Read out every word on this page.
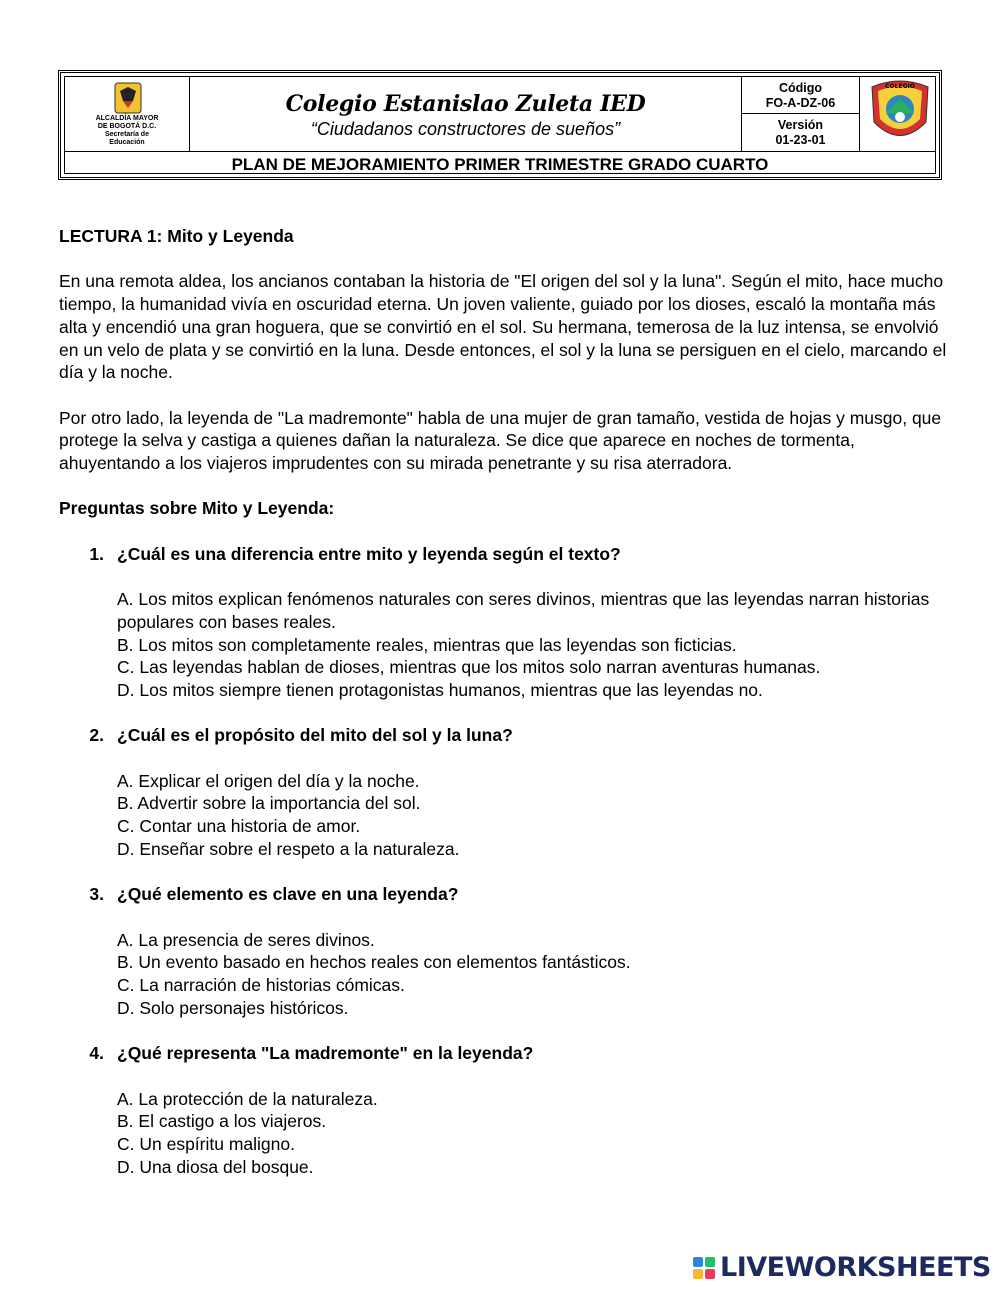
ALCALDÍA MAYOR
DE BOGOTÁ D.C.
Secretaría de
Educación
Colegio Estanislao Zuleta IED
“Ciudadanos constructores de sueños”
Código
FO-A-DZ-06
Versión
01-23-01
COLEGIO
PLAN DE MEJORAMIENTO PRIMER TRIMESTRE GRADO CUARTO

LECTURA 1: Mito y Leyenda

En una remota aldea, los ancianos contaban la historia de "El origen del sol y la luna". Según el mito, hace mucho tiempo, la humanidad vivía en oscuridad eterna. Un joven valiente, guiado por los dioses, escaló la montaña más alta y encendió una gran hoguera, que se convirtió en el sol. Su hermana, temerosa de la luz intensa, se envolvió en un velo de plata y se convirtió en la luna. Desde entonces, el sol y la luna se persiguen en el cielo, marcando el día y la noche.

Por otro lado, la leyenda de "La madremonte" habla de una mujer de gran tamaño, vestida de hojas y musgo, que protege la selva y castiga a quienes dañan la naturaleza. Se dice que aparece en noches de tormenta, ahuyentando a los viajeros imprudentes con su mirada penetrante y su risa aterradora.

Preguntas sobre Mito y Leyenda:

1. ¿Cuál es una diferencia entre mito y leyenda según el texto?

A. Los mitos explican fenómenos naturales con seres divinos, mientras que las leyendas narran historias populares con bases reales.

B. Los mitos son completamente reales, mientras que las leyendas son ficticias.

C. Las leyendas hablan de dioses, mientras que los mitos solo narran aventuras humanas.

D. Los mitos siempre tienen protagonistas humanos, mientras que las leyendas no.

2. ¿Cuál es el propósito del mito del sol y la luna?

A. Explicar el origen del día y la noche.

B. Advertir sobre la importancia del sol.

C. Contar una historia de amor.

D. Enseñar sobre el respeto a la naturaleza.

3. ¿Qué elemento es clave en una leyenda?

A. La presencia de seres divinos.

B. Un evento basado en hechos reales con elementos fantásticos.

C. La narración de historias cómicas.

D. Solo personajes históricos.

4. ¿Qué representa "La madremonte" en la leyenda?

A. La protección de la naturaleza.

B. El castigo a los viajeros.

C. Un espíritu maligno.

D. Una diosa del bosque.

LIVEWORKSHEETS
